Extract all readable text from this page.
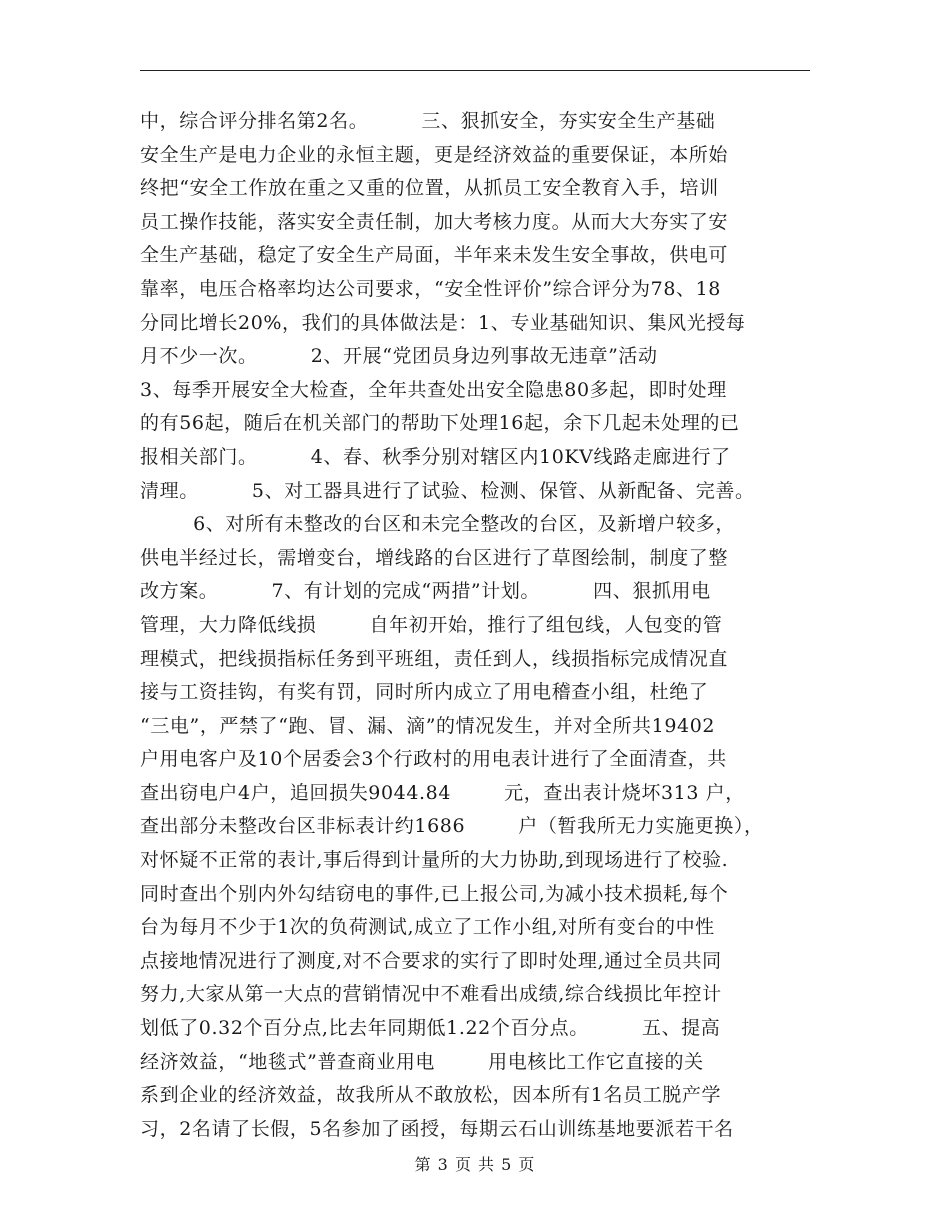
中，综合评分排名第2名。        三、狠抓安全，夯实安全生产基础
安全生产是电力企业的永恒主题，更是经济效益的重要保证，本所始
终把“安全工作放在重之又重的位置，从抓员工安全教育入手，培训
员工操作技能，落实安全责任制，加大考核力度。从而大大夯实了安
全生产基础，稳定了安全生产局面，半年来未发生安全事故，供电可
靠率，电压合格率均达公司要求，“安全性评价”综合评分为78、18
分同比增长20%，我们的具体做法是：1、专业基础知识、集风光授每
月不少一次。        2、开展“党团员身边列事故无违章”活动
3、每季开展安全大检查，全年共查处出安全隐患80多起，即时处理
的有56起，随后在机关部门的帮助下处理16起，余下几起未处理的已
报相关部门。        4、春、秋季分别对辖区内10KV线路走廊进行了
清理。        5、对工器具进行了试验、检测、保管、从新配备、完善。
6、对所有未整改的台区和未完全整改的台区，及新增户较多，
供电半经过长，需增变台，增线路的台区进行了草图绘制，制度了整
改方案。        7、有计划的完成“两措”计划。        四、狠抓用电
管理，大力降低线损        自年初开始，推行了组包线，人包变的管
理模式，把线损指标任务到平班组，责任到人，线损指标完成情况直
接与工资挂钩，有奖有罚，同时所内成立了用电稽查小组，杜绝了
“三电”，严禁了“跑、冒、漏、滴”的情况发生，并对全所共19402
户用电客户及10个居委会3个行政村的用电表计进行了全面清查，共
查出窃电户4户，追回损失9044.84        元，查出表计烧坏313 户，
查出部分未整改台区非标表计约1686        户（暂我所无力实施更换），
对怀疑不正常的表计,事后得到计量所的大力协助,到现场进行了校验.
同时查出个别内外勾结窃电的事件,已上报公司,为减小技术损耗,每个
台为每月不少于1次的负荷测试,成立了工作小组,对所有变台的中性
点接地情况进行了测度,对不合要求的实行了即时处理,通过全员共同
努力,大家从第一大点的营销情况中不难看出成绩,综合线损比年控计
划低了0.32个百分点,比去年同期低1.22个百分点。        五、提高
经济效益，“地毯式”普查商业用电        用电核比工作它直接的关
系到企业的经济效益，故我所从不敢放松，因本所有1名员工脱产学
习，2名请了长假，5名参加了函授，每期云石山训练基地要派若干名
第 3 页 共 5 页
